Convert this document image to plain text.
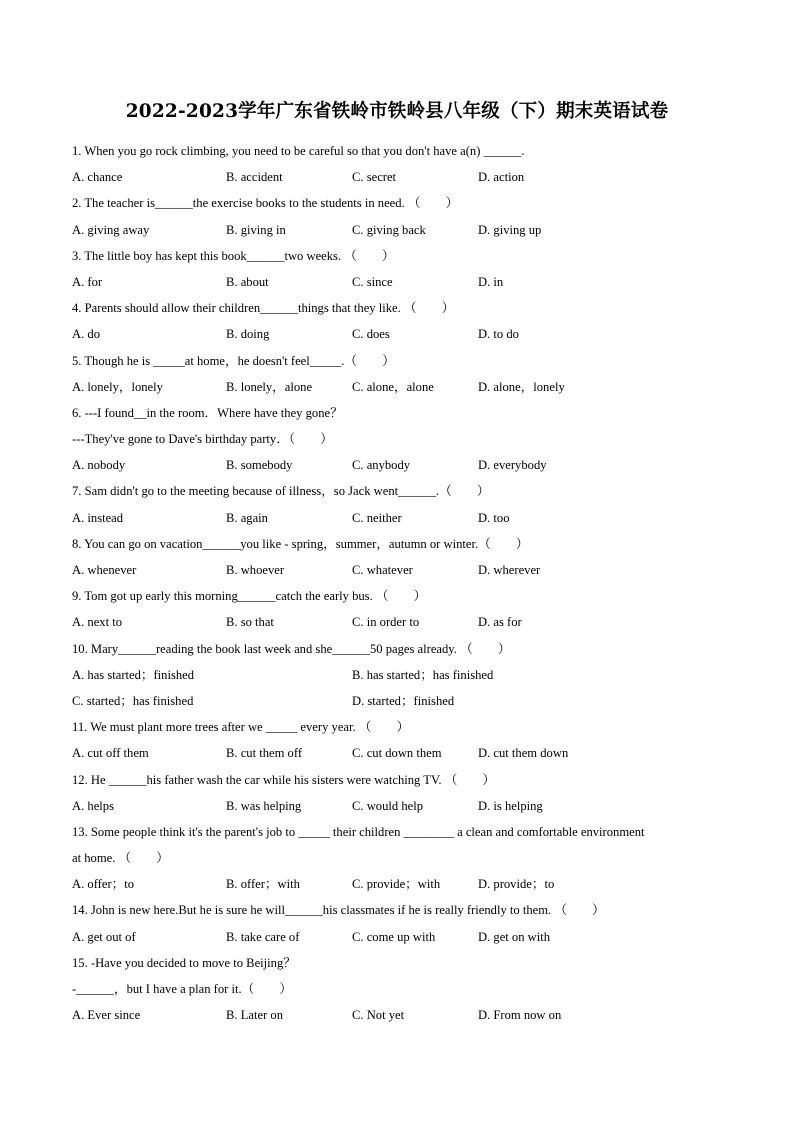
2022-2023学年广东省铁岭市铁岭县八年级（下）期末英语试卷
1. When you go rock climbing, you need to be careful so that you don't have a(n) ______.
A. chance	B. accident	C. secret	D. action
2. The teacher is______the exercise books to the students in need. （　　）
A. giving away	B. giving in	C. giving back	D. giving up
3. The little boy has kept this book______two weeks. （　　）
A. for	B. about	C. since	D. in
4. Parents should allow their children______things that they like. （　　）
A. do	B. doing	C. does	D. to do
5. Though he is _____at home，he doesn't feel_____.（　　）
A. lonely，lonely	B. lonely，alone	C. alone，alone	D. alone，lonely
6. ---I found__in the room．Where have they gone？
---They've gone to Dave's birthday party．（　　）
A. nobody	B. somebody	C. anybody	D. everybody
7. Sam didn't go to the meeting because of illness，so Jack went______.（　　）
A. instead	B. again	C. neither	D. too
8. You can go on vacation______you like - spring，summer，autumn or winter.（　　）
A. whenever	B. whoever	C. whatever	D. wherever
9. Tom got up early this morning______catch the early bus. （　　）
A. next to	B. so that	C. in order to	D. as for
10. Mary______reading the book last week and she______50 pages already. （　　）
A. has started；finished	B. has started；has finished
C. started；has finished	D. started；finished
11. We must plant more trees after we _____ every year. （　　）
A. cut off them	B. cut them off	C. cut down them	D. cut them down
12. He ______his father wash the car while his sisters were watching TV. （　　）
A. helps	B. was helping	C. would help	D. is helping
13. Some people think it's the parent's job to _____ their children ________ a clean and comfortable environment
at home. （　　）
A. offer；to	B. offer；with	C. provide；with	D. provide；to
14. John is new here.But he is sure he will______his classmates if he is really friendly to them. （　　）
A. get out of	B. take care of	C. come up with	D. get on with
15. -Have you decided to move to Beijing？
-______，but I have a plan for it.（　　）
A. Ever since	B. Later on	C. Not yet	D. From now on
